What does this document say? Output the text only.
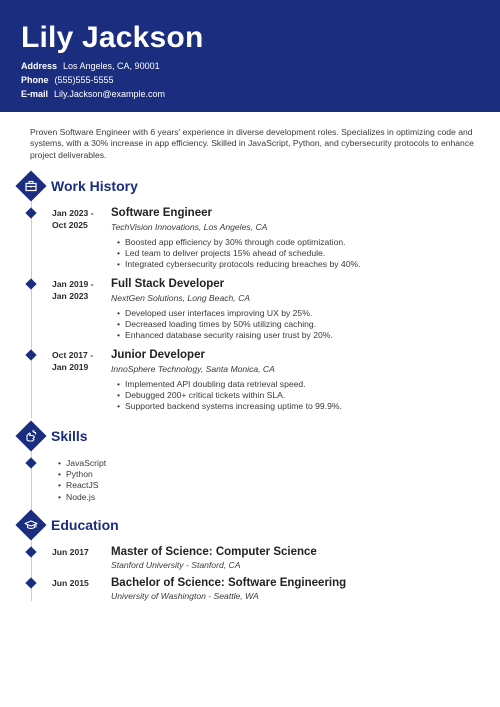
Lily Jackson
Address Los Angeles, CA, 90001
Phone (555)555-5555
E-mail Lily.Jackson@example.com
Proven Software Engineer with 6 years' experience in diverse development roles. Specializes in optimizing code and systems, with a 30% increase in app efficiency. Skilled in JavaScript, Python, and cybersecurity protocols to enhance project deliverables.
Work History
Jan 2023 - Oct 2025
Software Engineer
TechVision Innovations, Los Angeles, CA
• Boosted app efficiency by 30% through code optimization.
• Led team to deliver projects 15% ahead of schedule.
• Integrated cybersecurity protocols reducing breaches by 40%.
Jan 2019 - Jan 2023
Full Stack Developer
NextGen Solutions, Long Beach, CA
• Developed user interfaces improving UX by 25%.
• Decreased loading times by 50% utilizing caching.
• Enhanced database security raising user trust by 20%.
Oct 2017 - Jan 2019
Junior Developer
InnoSphere Technology, Santa Monica, CA
• Implemented API doubling data retrieval speed.
• Debugged 200+ critical tickets within SLA.
• Supported backend systems increasing uptime to 99.9%.
Skills
• JavaScript
• Python
• ReactJS
• Node.js
Education
Jun 2017	Master of Science: Computer Science
Stanford University - Stanford, CA
Jun 2015	Bachelor of Science: Software Engineering
University of Washington - Seattle, WA
